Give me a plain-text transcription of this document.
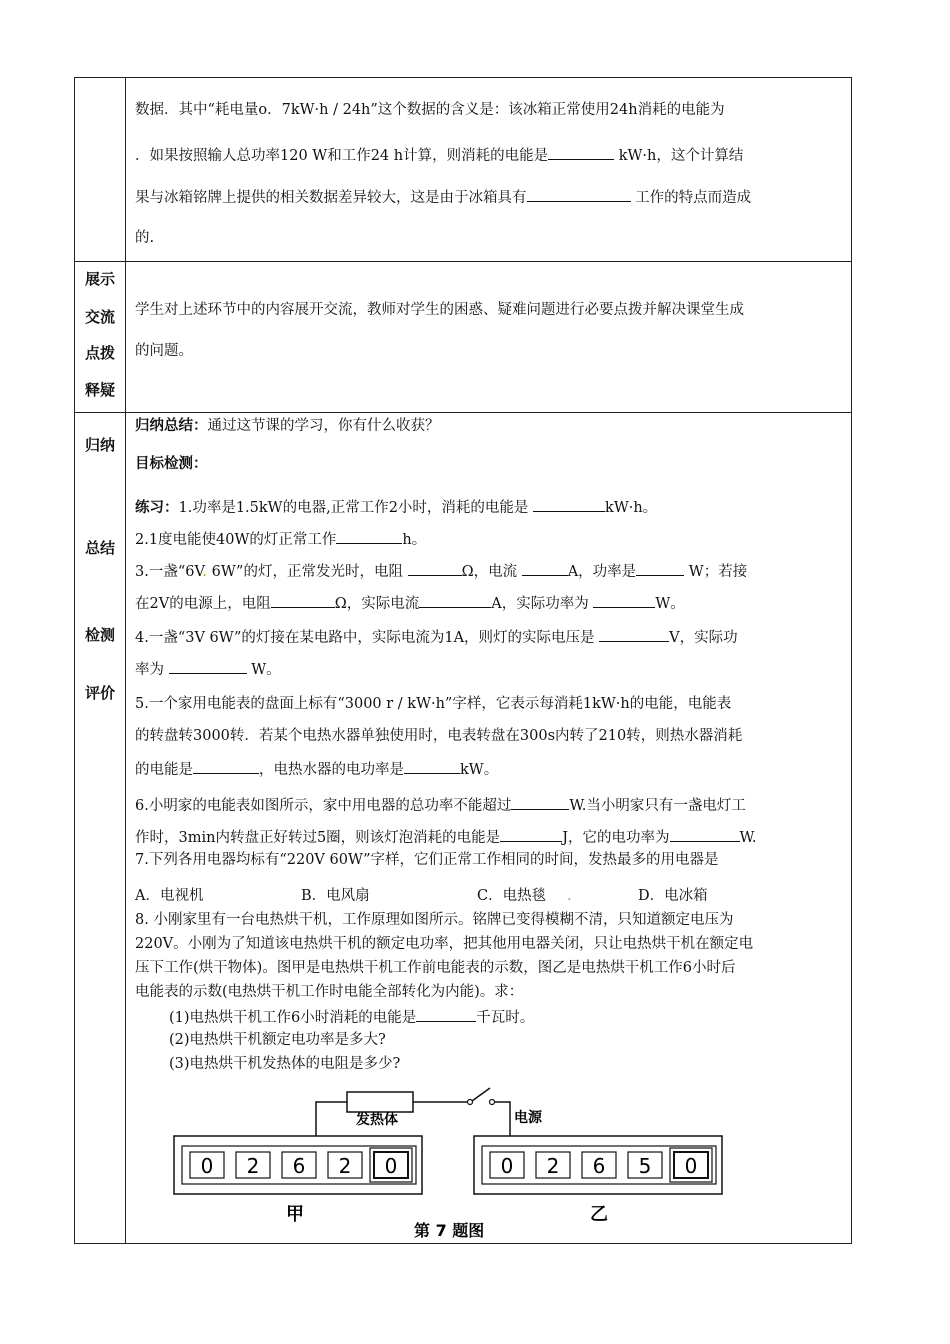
数据．其中“耗电量o．7kW·h / 24h”这个数据的含义是：该冰箱正常使用24h消耗的电能为
．如果按照输人总功率120 W和工作24 h计算，则消耗的电能是	kW·h，这个计算结
果与冰箱铭牌上提供的相关数据差异较大，这是由于冰箱具有	工作的特点而造成
的.
展示
交流
点拨
释疑
学生对上述环节中的内容展开交流，教师对学生的困惑、疑难问题进行必要点拨并解决课堂生成
的问题。
归纳
总结
检测
评价
归纳总结：通过这节课的学习，你有什么收获？
目标检测：
练习：1.功率是1.5kW的电器,正常工作2小时，消耗的电能是	kW·h。
2.1度电能使40W的灯正常工作	h。
3.一盏“6V. 6W”的灯，正常发光时，电阻	Ω，电流	A，功率是	W；若接
在2V的电源上，电阻	Ω，实际电流	A，实际功率为	W。
4.一盏“3V 6W”的灯接在某电路中，实际电流为1A，则灯的实际电压是	V，实际功
率为	W。
5.一个家用电能表的盘面上标有“3000 r / kW·h”字样，它表示每消耗1kW·h的电能，电能表
的转盘转3000转．若某个电热水器单独使用时，电表转盘在300s内转了210转，则热水器消耗
的电能是	，电热水器的电功率是	kW。
6.小明家的电能表如图所示，家中用电器的总功率不能超过	W.当小明家只有一盏电灯工
作时，3min内转盘正好转过5圈，则该灯泡消耗的电能是	J，它的电功率为	W.
7.下列各用电器均标有“220V 60W”字样，它们正常工作相同的时间，发热最多的用电器是
A．电视机	B．电风扇	C．电热毯 .	D．电冰箱
8. 小刚家里有一台电热烘干机，工作原理如图所示。铭牌已变得模糊不清，只知道额定电压为
220V。小刚为了知道该电热烘干机的额定电功率，把其他用电器关闭，只让电热烘干机在额定电
压下工作(烘干物体)。图甲是电热烘干机工作前电能表的示数，图乙是电热烘干机工作6小时后
电能表的示数(电热烘干机工作时电能全部转化为内能)。求：
(1)电热烘干机工作6小时消耗的电能是	千瓦时。
(2)电热烘干机额定电功率是多大?
(3)电热烘干机发热体的电阻是多少?
发热体	电源
0 2 6 2 0	0 2 6 5 0
甲	乙
第 7 题图
